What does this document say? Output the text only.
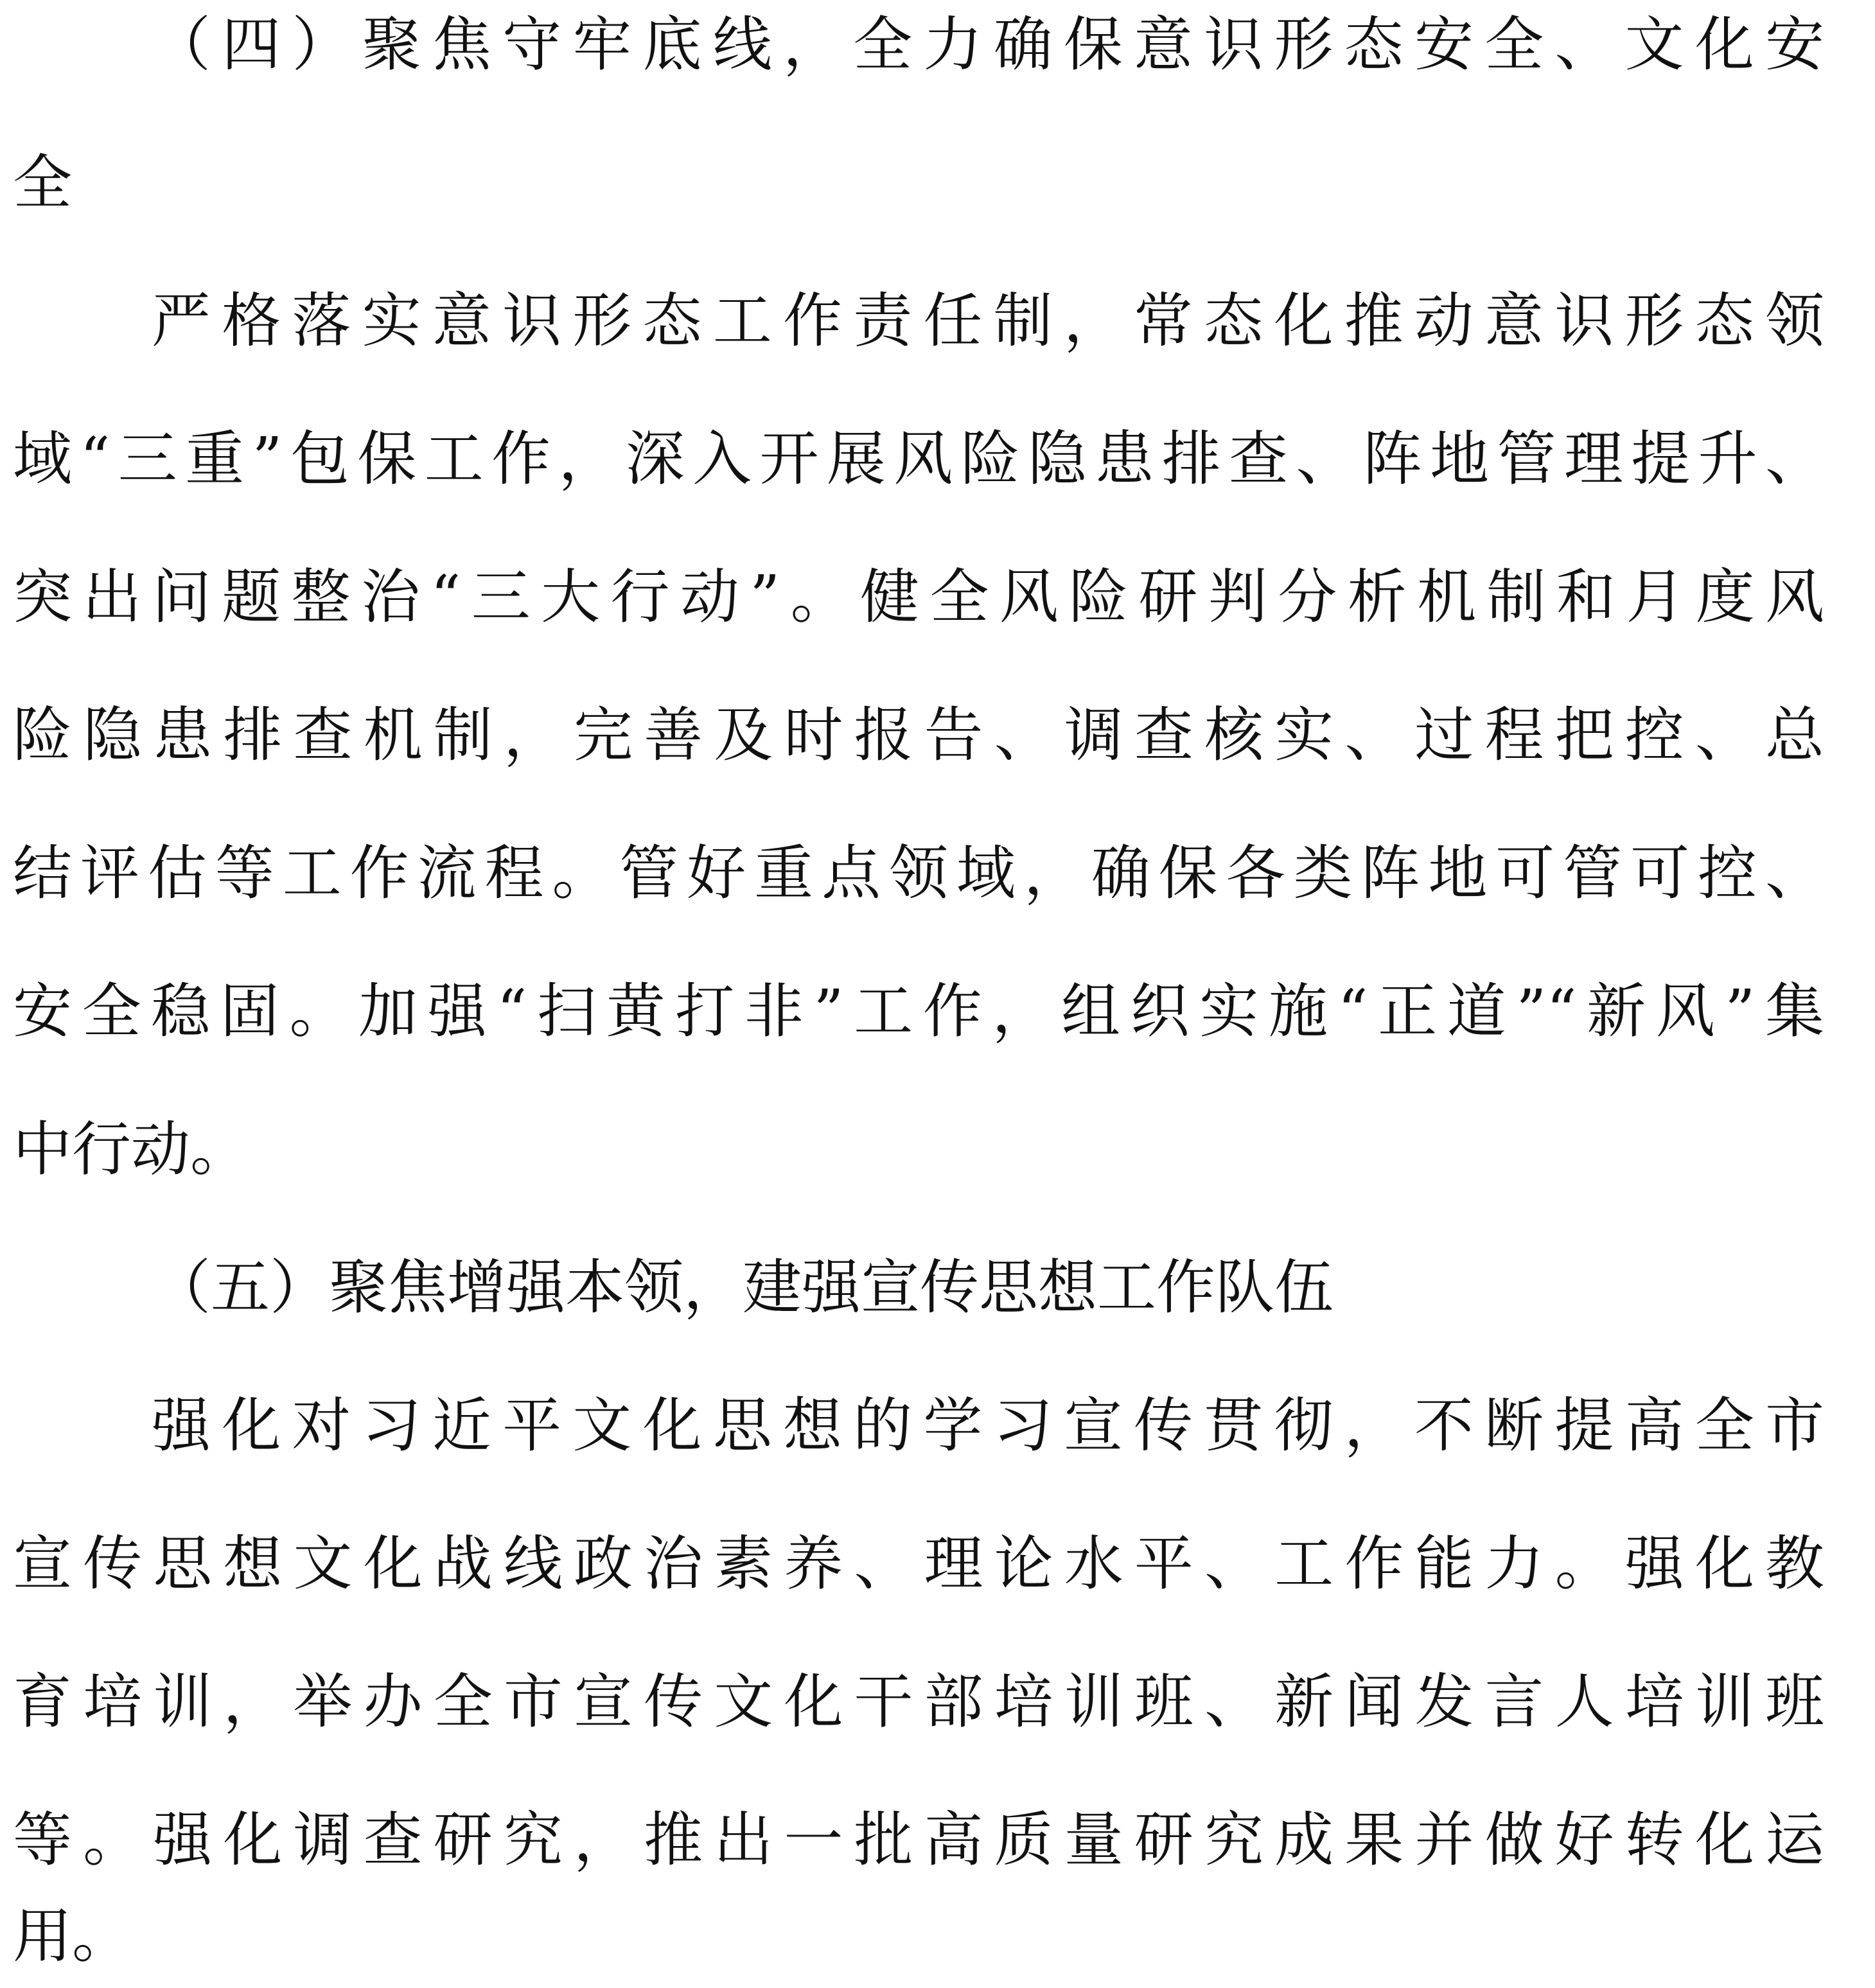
（四）聚焦守牢底线，全力确保意识形态安全、文化安
全
严格落实意识形态工作责任制，常态化推动意识形态领
域“三重”包保工作，深入开展风险隐患排查、阵地管理提升、
突出问题整治“三大行动”。健全风险研判分析机制和月度风
险隐患排查机制，完善及时报告、调查核实、过程把控、总
结评估等工作流程。管好重点领域，确保各类阵地可管可控、
安全稳固。加强“扫黄打非”工作，组织实施“正道”“新风”集
中行动。
（五）聚焦增强本领，建强宣传思想工作队伍
强化对习近平文化思想的学习宣传贯彻，不断提高全市
宣传思想文化战线政治素养、理论水平、工作能力。强化教
育培训，举办全市宣传文化干部培训班、新闻发言人培训班
等。强化调查研究，推出一批高质量研究成果并做好转化运
用。
